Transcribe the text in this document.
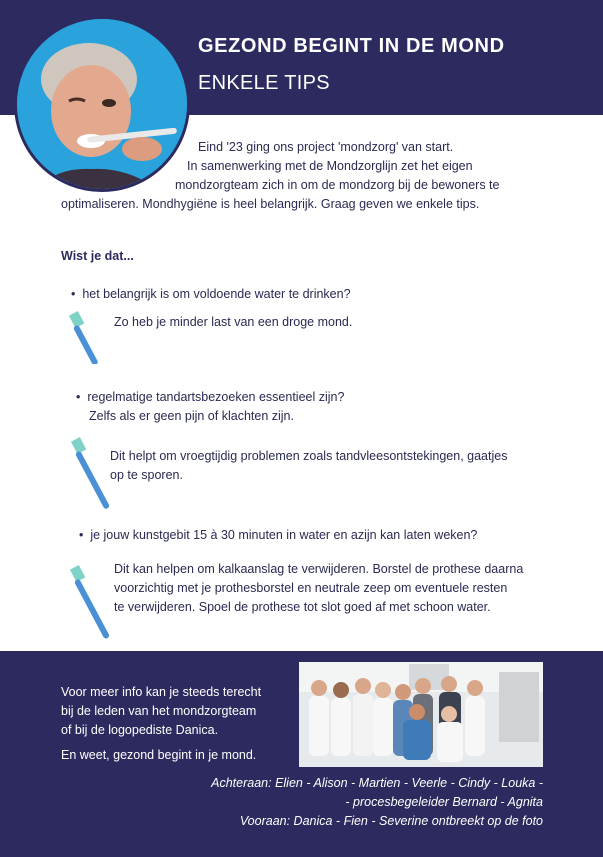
GEZOND BEGINT IN DE MOND
ENKELE TIPS
Eind '23 ging ons project 'mondzorg' van start.
In samenwerking met de Mondzorglijn zet het eigen
mondzorgteam zich in om de mondzorg bij de bewoners te
optimaliseren. Mondhygiëne is heel belangrijk. Graag geven we enkele tips.
Wist je dat...
•  het belangrijk is om voldoende water te drinken?
Zo heb je minder last van een droge mond.
•  regelmatige tandartsbezoeken essentieel zijn?
Zelfs als er geen pijn of klachten zijn.
Dit helpt om vroegtijdig problemen zoals tandvleesontstekingen, gaatjes
op te sporen.
•  je jouw kunstgebit 15 à 30 minuten in water en azijn kan laten weken?
Dit kan helpen om kalkaanslag te verwijderen. Borstel de prothese daarna
voorzichtig met je prothesborstel en neutrale zeep om eventuele resten
te verwijderen. Spoel de prothese tot slot goed af met schoon water.
Voor meer info kan je steeds terecht
bij de leden van het mondzorgteam
of bij de logopediste Danica.
En weet, gezond begint in je mond.
Achteraan: Elien - Alison - Martien - Veerle - Cindy - Louka -
- procesbegeleider Bernard - Agnita
Vooraan: Danica - Fien - Severine ontbreekt op de foto
